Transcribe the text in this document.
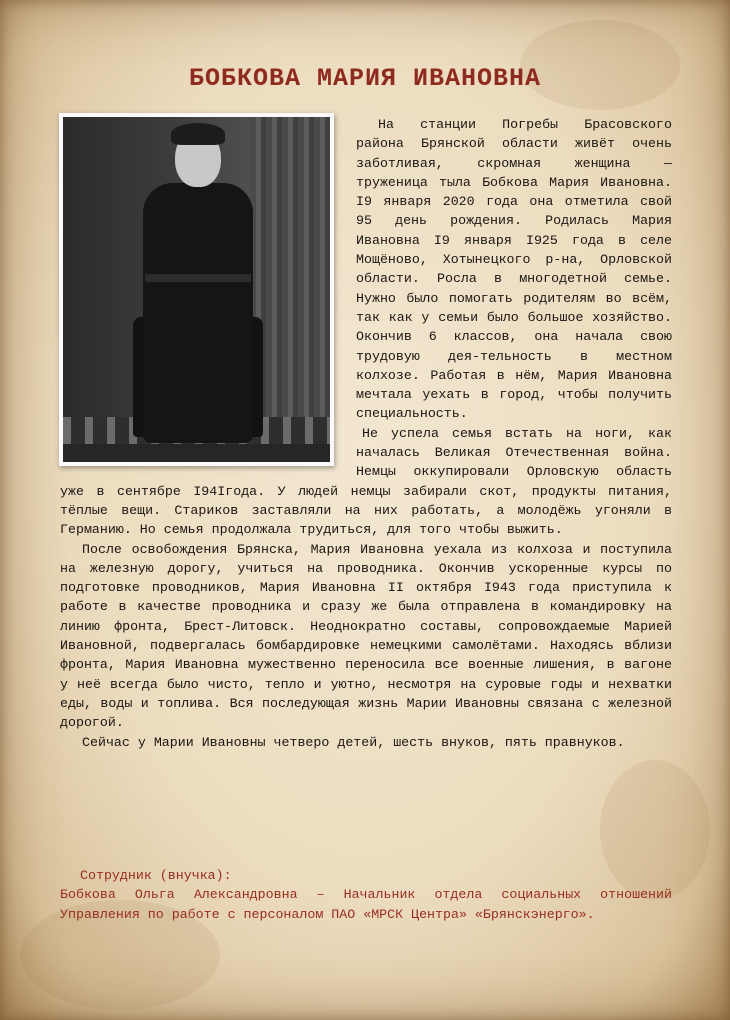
БОБКОВА МАРИЯ ИВАНОВНА

На станции Погребы Брасовского района Брянской области живёт очень заботливая, скромная женщина — труженица тыла Бобкова Мария Ивановна. I9 января 2020 года она отметила свой 95 день рождения. Родилась Мария Ивановна I9 января I925 года в селе Мощёново, Хотынецкого р-на, Орловской области. Росла в многодетной семье. Нужно было помогать родителям во всём, так как у семьи было большое хозяйство. Окончив 6 классов, она начала свою трудовую дея-тельность в местном колхозе. Работая в нём, Мария Ивановна мечтала уехать в город, чтобы получить специальность.

Не успела семья встать на ноги, как началась Великая Отечественная война. Немцы оккупировали Орловскую область уже в сентябре I94Iгода. У людей немцы забирали скот, продукты питания, тёплые вещи. Стариков заставляли на них работать, а молодёжь угоняли в Германию. Но семья продолжала трудиться, для того чтобы выжить.

После освобождения Брянска, Мария Ивановна уехала из колхоза и поступила на железную дорогу, учиться на проводника. Окончив ускоренные курсы по подготовке проводников, Мария Ивановна II октября I943 года приступила к работе в качестве проводника и сразу же была отправлена в командировку на линию фронта, Брест-Литовск. Неоднократно составы, сопровождаемые Марией Ивановной, подвергалась бомбардировке немецкими самолётами. Находясь вблизи фронта, Мария Ивановна мужественно переносила все военные лишения, в вагоне у неё всегда было чисто, тепло и уютно, несмотря на суровые годы и нехватки еды, воды и топлива. Вся последующая жизнь Марии Ивановны связана с железной дорогой.

Сейчас у Марии Ивановны четверо детей, шесть внуков, пять правнуков.

Сотрудник (внучка):
Бобкова Ольга Александровна – Начальник отдела социальных отношений Управления по работе с персоналом ПАО «МРСК Центра» «Брянскэнерго».
